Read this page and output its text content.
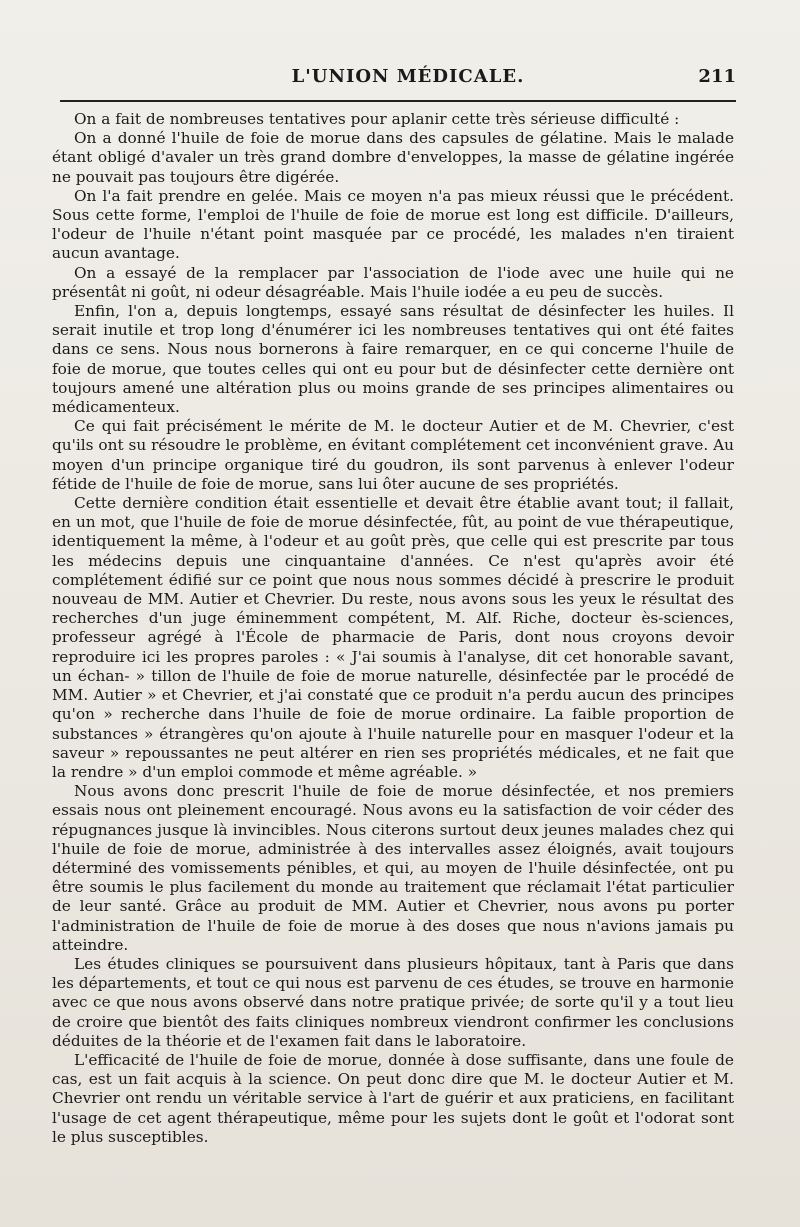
L'UNION MÉDICALE.	211

On a fait de nombreuses tentatives pour aplanir cette très sérieuse difficulté :

On a donné l'huile de foie de morue dans des capsules de gélatine. Mais le malade étant obligé d'avaler un très grand dombre d'enveloppes, la masse de gélatine ingérée ne pouvait pas toujours être digérée.

On l'a fait prendre en gelée. Mais ce moyen n'a pas mieux réussi que le précédent. Sous cette forme, l'emploi de l'huile de foie de morue est long est difficile. D'ailleurs, l'odeur de l'huile n'étant point masquée par ce procédé, les malades n'en tiraient aucun avantage.

On a essayé de la remplacer par l'association de l'iode avec une huile qui ne présentât ni goût, ni odeur désagréable. Mais l'huile iodée a eu peu de succès.

Enfin, l'on a, depuis longtemps, essayé sans résultat de désinfecter les huiles. Il serait inutile et trop long d'énumérer ici les nombreuses tentatives qui ont été faites dans ce sens. Nous nous bornerons à faire remarquer, en ce qui concerne l'huile de foie de morue, que toutes celles qui ont eu pour but de désinfecter cette dernière ont toujours amené une altération plus ou moins grande de ses principes alimentaires ou médicamenteux.

Ce qui fait précisément le mérite de M. le docteur Autier et de M. Chevrier, c'est qu'ils ont su résoudre le problème, en évitant complétement cet inconvénient grave. Au moyen d'un principe organique tiré du goudron, ils sont parvenus à enlever l'odeur fétide de l'huile de foie de morue, sans lui ôter aucune de ses propriétés.

Cette dernière condition était essentielle et devait être établie avant tout; il fallait, en un mot, que l'huile de foie de morue désinfectée, fût, au point de vue thérapeutique, identiquement la même, à l'odeur et au goût près, que celle qui est prescrite par tous les médecins depuis une cinquantaine d'années. Ce n'est qu'après avoir été complétement édifié sur ce point que nous nous sommes décidé à prescrire le produit nouveau de MM. Autier et Chevrier. Du reste, nous avons sous les yeux le résultat des recherches d'un juge éminemment compétent, M. Alf. Riche, docteur ès-sciences, professeur agrégé à l'École de pharmacie de Paris, dont nous croyons devoir reproduire ici les propres paroles : « J'ai soumis à l'analyse, dit cet honorable savant, un échan- » tillon de l'huile de foie de morue naturelle, désinfectée par le procédé de MM. Autier » et Chevrier, et j'ai constaté que ce produit n'a perdu aucun des principes qu'on » recherche dans l'huile de foie de morue ordinaire. La faible proportion de substances » étrangères qu'on ajoute à l'huile naturelle pour en masquer l'odeur et la saveur » repoussantes ne peut altérer en rien ses propriétés médicales, et ne fait que la rendre » d'un emploi commode et même agréable. »

Nous avons donc prescrit l'huile de foie de morue désinfectée, et nos premiers essais nous ont pleinement encouragé. Nous avons eu la satisfaction de voir céder des répugnances jusque là invincibles. Nous citerons surtout deux jeunes malades chez qui l'huile de foie de morue, administrée à des intervalles assez éloignés, avait toujours déterminé des vomissements pénibles, et qui, au moyen de l'huile désinfectée, ont pu être soumis le plus facilement du monde au traitement que réclamait l'état particulier de leur santé. Grâce au produit de MM. Autier et Chevrier, nous avons pu porter l'administration de l'huile de foie de morue à des doses que nous n'avions jamais pu atteindre.

Les études cliniques se poursuivent dans plusieurs hôpitaux, tant à Paris que dans les départements, et tout ce qui nous est parvenu de ces études, se trouve en harmonie avec ce que nous avons observé dans notre pratique privée; de sorte qu'il y a tout lieu de croire que bientôt des faits cliniques nombreux viendront confirmer les conclusions déduites de la théorie et de l'examen fait dans le laboratoire.

L'efficacité de l'huile de foie de morue, donnée à dose suffisante, dans une foule de cas, est un fait acquis à la science. On peut donc dire que M. le docteur Autier et M. Chevrier ont rendu un véritable service à l'art de guérir et aux praticiens, en facilitant l'usage de cet agent thérapeutique, même pour les sujets dont le goût et l'odorat sont le plus susceptibles.
